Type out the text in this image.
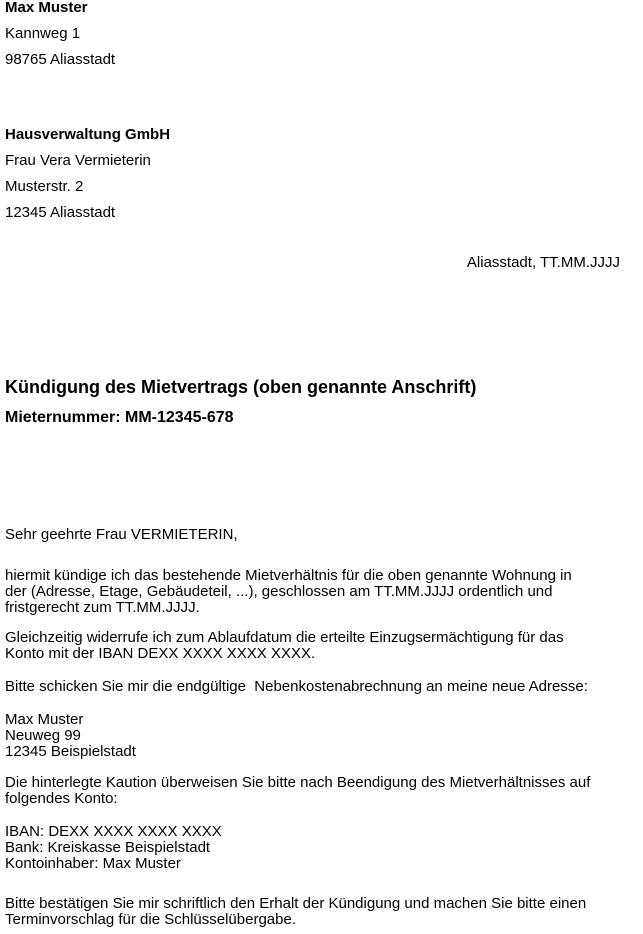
Max Muster
Kannweg 1
98765 Aliasstadt
Hausverwaltung GmbH
Frau Vera Vermieterin
Musterstr. 2
12345 Aliasstadt
Aliasstadt, TT.MM.JJJJ
Kündigung des Mietvertrags (oben genannte Anschrift)
Mieternummer: MM-12345-678
Sehr geehrte Frau VERMIETERIN,
hiermit kündige ich das bestehende Mietverhältnis für die oben genannte Wohnung in
der (Adresse, Etage, Gebäudeteil, ...), geschlossen am TT.MM.JJJJ ordentlich und
fristgerecht zum TT.MM.JJJJ.
Gleichzeitig widerrufe ich zum Ablaufdatum die erteilte Einzugsermächtigung für das
Konto mit der IBAN DEXX XXXX XXXX XXXX.
Bitte schicken Sie mir die endgültige  Nebenkostenabrechnung an meine neue Adresse:
Max Muster
Neuweg 99
12345 Beispielstadt
Die hinterlegte Kaution überweisen Sie bitte nach Beendigung des Mietverhältnisses auf
folgendes Konto:
IBAN: DEXX XXXX XXXX XXXX
Bank: Kreiskasse Beispielstadt
Kontoinhaber: Max Muster
Bitte bestätigen Sie mir schriftlich den Erhalt der Kündigung und machen Sie bitte einen
Terminvorschlag für die Schlüsselübergabe.
